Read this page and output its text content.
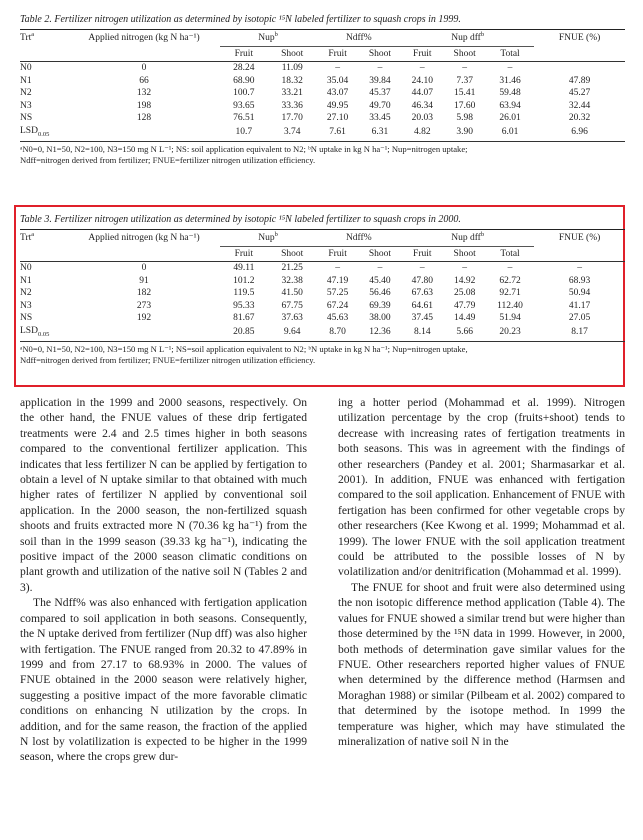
Table 2. Fertilizer nitrogen utilization as determined by isotopic ¹⁵N labeled fertilizer to squash crops in 1999.
Trt$^a$	Applied nitrogen (kg N ha⁻¹)	Nup$^b$		Ndff%		Nup dff$^b$			FNUE (%)
		Fruit	Shoot	Fruit	Shoot	Fruit	Shoot	Total	
N0	0	28.24	11.09	–	–	–	–	–	
N1	66	68.90	18.32	35.04	39.84	24.10	7.37	31.46	47.89
N2	132	100.7	33.21	43.07	45.37	44.07	15.41	59.48	45.27
N3	198	93.65	33.36	49.95	49.70	46.34	17.60	63.94	32.44
NS	128	76.51	17.70	27.10	33.45	20.03	5.98	26.01	20.32
$LSD_{0.05}$		10.7	3.74	7.61	6.31	4.82	3.90	6.01	6.96
ᵃN0=0, N1=50, N2=100, N3=150 mg N L⁻¹; NS: soil application equivalent to N2; ᵇN uptake in kg N ha⁻¹; Nup=nitrogen uptake;
Ndff=nitrogen derived from fertilizer; FNUE=fertilizer nitrogen utilization efficiency.
Table 3. Fertilizer nitrogen utilization as determined by isotopic ¹⁵N labeled fertilizer to squash crops in 2000.
Trt$^a$	Applied nitrogen (kg N ha⁻¹)	Nup$^b$		Ndff%		Nup dff$^b$			FNUE (%)
		Fruit	Shoot	Fruit	Shoot	Fruit	Shoot	Total	
N0	0	49.11	21.25	–	–	–	–	–	–
N1	91	101.2	32.38	47.19	45.40	47.80	14.92	62.72	68.93
N2	182	119.5	41.50	57.25	56.46	67.63	25.08	92.71	50.94
N3	273	95.33	67.75	67.24	69.39	64.61	47.79	112.40	41.17
NS	192	81.67	37.63	45.63	38.00	37.45	14.49	51.94	27.05
$LSD_{0.05}$		20.85	9.64	8.70	12.36	8.14	5.66	20.23	8.17
ᵃN0=0, N1=50, N2=100, N3=150 mg N L⁻¹; NS=soil application equivalent to N2; ᵇN uptake in kg N ha⁻¹; Nup=nitrogen uptake,
Ndff=nitrogen derived from fertilizer; FNUE=fertilizer nitrogen utilization efficiency.

application in the 1999 and 2000 seasons, respectively. On the other hand, the FNUE values of these drip fertigated treatments were 2.4 and 2.5 times higher in both seasons compared to the conventional fertilizer application. This indicates that less fertilizer N can be applied by fertigation to obtain a level of N uptake similar to that obtained with much higher rates of fertilizer N applied by conventional soil application. In the 2000 season, the non-fertilized squash shoots and fruits extracted more N (70.36 kg ha⁻¹) from the soil than in the 1999 season (39.33 kg ha⁻¹), indicating the positive impact of the 2000 season climatic conditions on plant growth and utilization of the native soil N (Tables 2 and 3).

The Ndff% was also enhanced with fertigation application compared to soil application in both seasons. Consequently, the N uptake derived from fertilizer (Nup dff) was also higher with fertigation. The FNUE ranged from 20.32 to 47.89% in 1999 and from 27.17 to 68.93% in 2000. The values of FNUE obtained in the 2000 season were relatively higher, suggesting a positive impact of the more favorable climatic conditions on enhancing N utilization by the crops. In addition, and for the same reason, the fraction of the applied N lost by volatilization is expected to be higher in the 1999 season, where the crops grew dur-

ing a hotter period (Mohammad et al. 1999). Nitrogen utilization percentage by the crop (fruits+shoot) tends to decrease with increasing rates of fertigation treatments in both seasons. This was in agreement with the findings of other researchers (Pandey et al. 2001; Sharmasarkar et al. 2001). In addition, FNUE was enhanced with fertigation compared to the soil application. Enhancement of FNUE with fertigation has been confirmed for other vegetable crops by other researchers (Kee Kwong et al. 1999; Mohammad et al. 1999). The lower FNUE with the soil application treatment could be attributed to the possible losses of N by volatilization and/or denitrification (Mohammad et al. 1999).

The FNUE for shoot and fruit were also determined using the non isotopic difference method application (Table 4). The values for FNUE showed a similar trend but were higher than those determined by the ¹⁵N data in 1999. However, in 2000, both methods of determination gave similar values for the FNUE. Other researchers reported higher values of FNUE when determined by the difference method (Harmsen and Moraghan 1988) or similar (Pilbeam et al. 2002) compared to that determined by the isotope method. In 1999 the temperature was higher, which may have stimulated the mineralization of native soil N in the
